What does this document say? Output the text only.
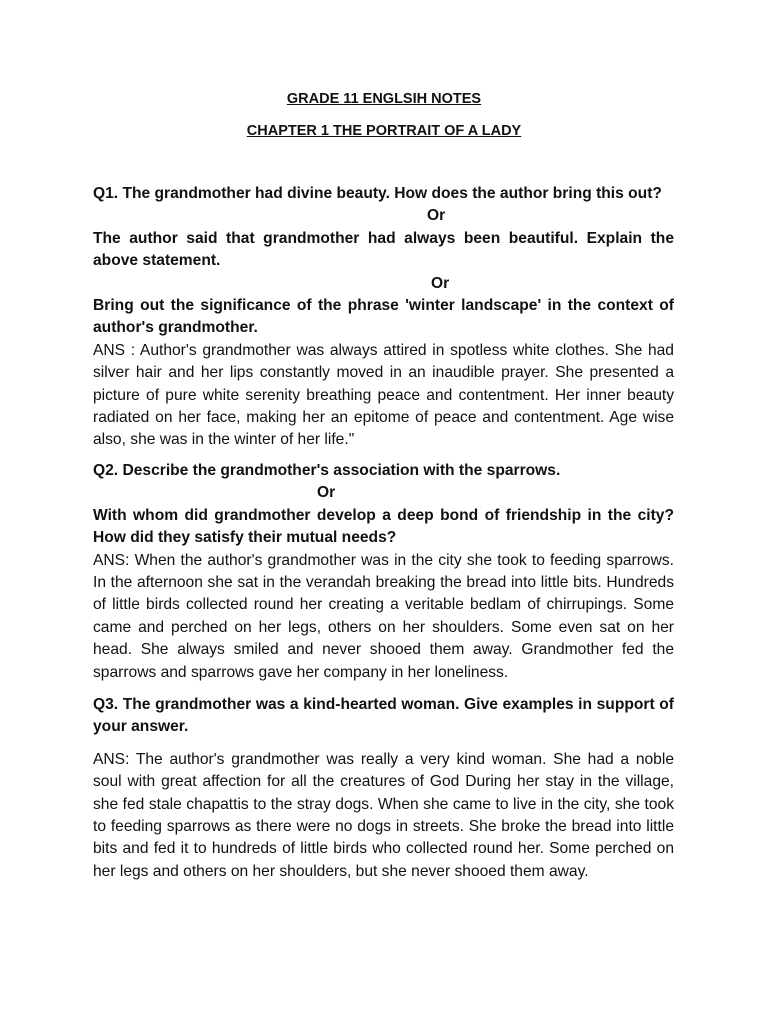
GRADE 11 ENGLSIH NOTES
CHAPTER 1 THE PORTRAIT OF A LADY

Q1. The grandmother had divine beauty. How does the author bring this out?

Or

The author said that grandmother had always been beautiful. Explain the above statement.

Or

Bring out the significance of the phrase 'winter landscape' in the context of author's grandmother.

ANS : Author's grandmother was always attired in spotless white clothes. She had silver hair and her lips constantly moved in an inaudible prayer. She presented a picture of pure white serenity breathing peace and contentment. Her inner beauty radiated on her face, making her an epitome of peace and contentment. Age wise also, she was in the winter of her life."

Q2. Describe the grandmother's association with the sparrows.

Or

With whom did grandmother develop a deep bond of friendship in the city? How did they satisfy their mutual needs?

ANS: When the author's grandmother was in the city she took to feeding sparrows. In the afternoon she sat in the verandah breaking the bread into little bits. Hundreds of little birds collected round her creating a veritable bedlam of chirrupings. Some came and perched on her legs, others on her shoulders. Some even sat on her head. She always smiled and never shooed them away. Grandmother fed the sparrows and sparrows gave her company in her loneliness.

Q3. The grandmother was a kind-hearted woman. Give examples in support of your answer.

ANS: The author's grandmother was really a very kind woman. She had a noble soul with great affection for all the creatures of God During her stay in the village, she fed stale chapattis to the stray dogs. When she came to live in the city, she took to feeding sparrows as there were no dogs in streets. She broke the bread into little bits and fed it to hundreds of little birds who collected round her. Some perched on her legs and others on her shoulders, but she never shooed them away.
